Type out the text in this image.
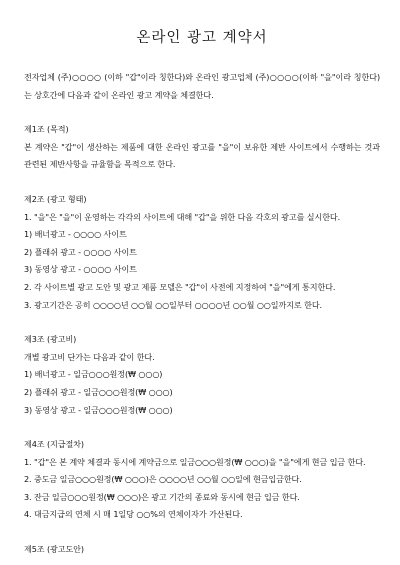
온라인 광고 계약서

전자업체 (주)○○○○ (이하 "갑"이라 칭한다)와 온라인 광고업체 (주)○○○○(이하 "을"이라 칭한다)는 상호간에 다음과 같이 온라인 광고 계약을 체결한다.

제1조 (목적)

본 계약은 "갑"이 생산하는 제품에 대한 온라인 광고를 "을"이 보유한 제반 사이트에서 수행하는 것과 관련된 제반사항을 규율함을 목적으로 한다.

제2조 (광고 형태)

1. "을"은 "을"이 운영하는 각각의 사이트에 대해 "갑"을 위한 다음 각호의 광고를 실시한다.

1) 배너광고 - ○○○○ 사이트

2) 플래쉬 광고 - ○○○○ 사이트

3) 동영상 광고 - ○○○○ 사이트

2. 각 사이트별 광고 도안 및 광고 제품 모델은 "갑"이 사전에 지정하여 "을"에게 통지한다.

3. 광고기간은 공히 ○○○○년 ○○월 ○○일부터 ○○○○년 ○○월 ○○일까지로 한다.

제3조 (광고비)

개별 광고비 단가는 다음과 같이 한다.

1) 배너광고 - 일금○○○원정(₩ ○○○)

2) 플래쉬 광고 - 일금○○○원정(₩ ○○○)

3) 동영상 광고 - 일금○○○원정(₩ ○○○)

제4조 (지급절차)

1. "갑"은 본 계약 체결과 동시에 계약금으로 일금○○○원정(₩ ○○○)을 "을"에게 현금 입금 한다.

2. 중도금 일금○○○원정(₩ ○○○)은 ○○○○년 ○○월 ○○일에 현금입금한다.

3. 잔금 일금○○○원정(₩ ○○○)은 광고 기간의 종료와 동시에 현금 입금 한다.

4. 대금지급의 연체 시 매 1일당 ○○%의 연체이자가 가산된다.

제5조 (광고도안)
